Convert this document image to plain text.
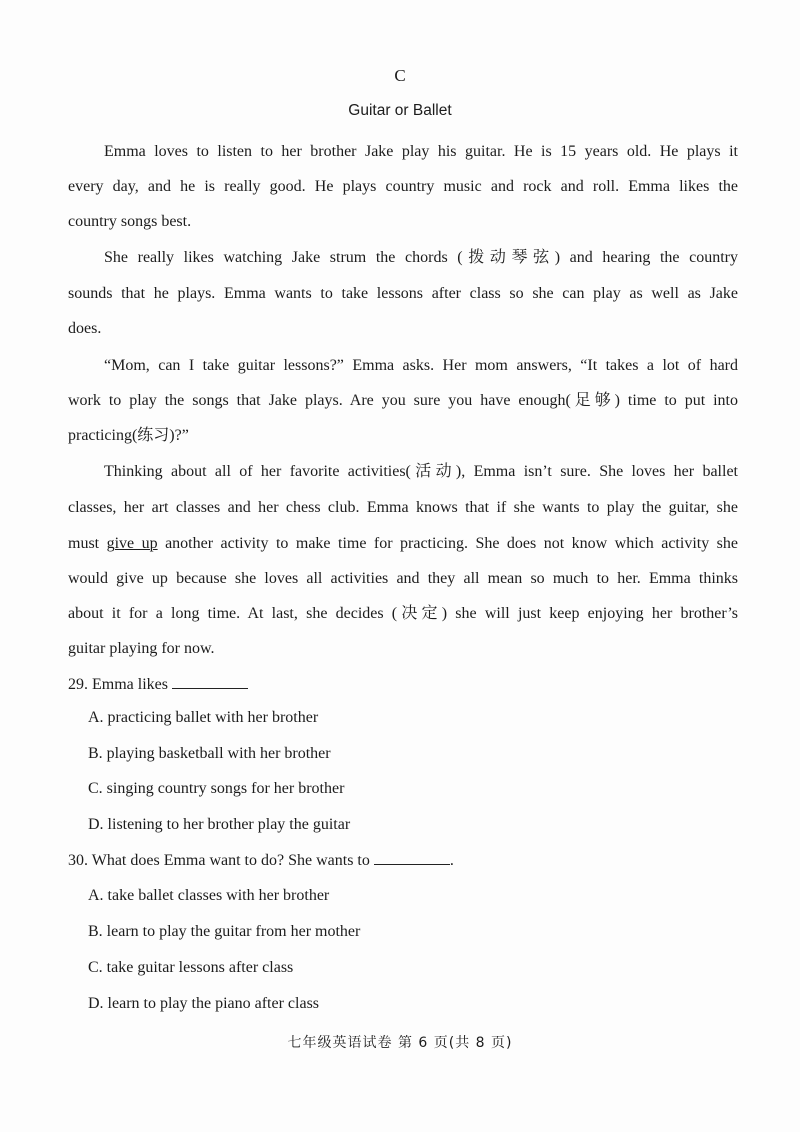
C
Guitar or Ballet
Emma loves to listen to her brother Jake play his guitar. He is 15 years old. He plays it
every day, and he is really good. He plays country music and rock and roll. Emma likes the
country songs best.
She really likes watching Jake strum the chords (拨动琴弦) and hearing the country
sounds that he plays. Emma wants to take lessons after class so she can play as well as Jake
does.
“Mom, can I take guitar lessons?” Emma asks. Her mom answers, “It takes a lot of hard
work to play the songs that Jake plays. Are you sure you have enough(足够) time to put into
practicing(练习)?”
Thinking about all of her favorite activities(活动), Emma isn’t sure. She loves her ballet
classes, her art classes and her chess club. Emma knows that if she wants to play the guitar, she
must give up another activity to make time for practicing. She does not know which activity she
would give up because she loves all activities and they all mean so much to her. Emma thinks
about it for a long time. At last, she decides (决定) she will just keep enjoying her brother’s
guitar playing for now.
29. Emma likes
A. practicing ballet with her brother
B. playing basketball with her brother
C. singing country songs for her brother
D. listening to her brother play the guitar
30. What does Emma want to do? She wants to	.
A. take ballet classes with her brother
B. learn to play the guitar from her mother
C. take guitar lessons after class
D. learn to play the piano after class
七年级英语试卷 第 6 页(共 8 页)
